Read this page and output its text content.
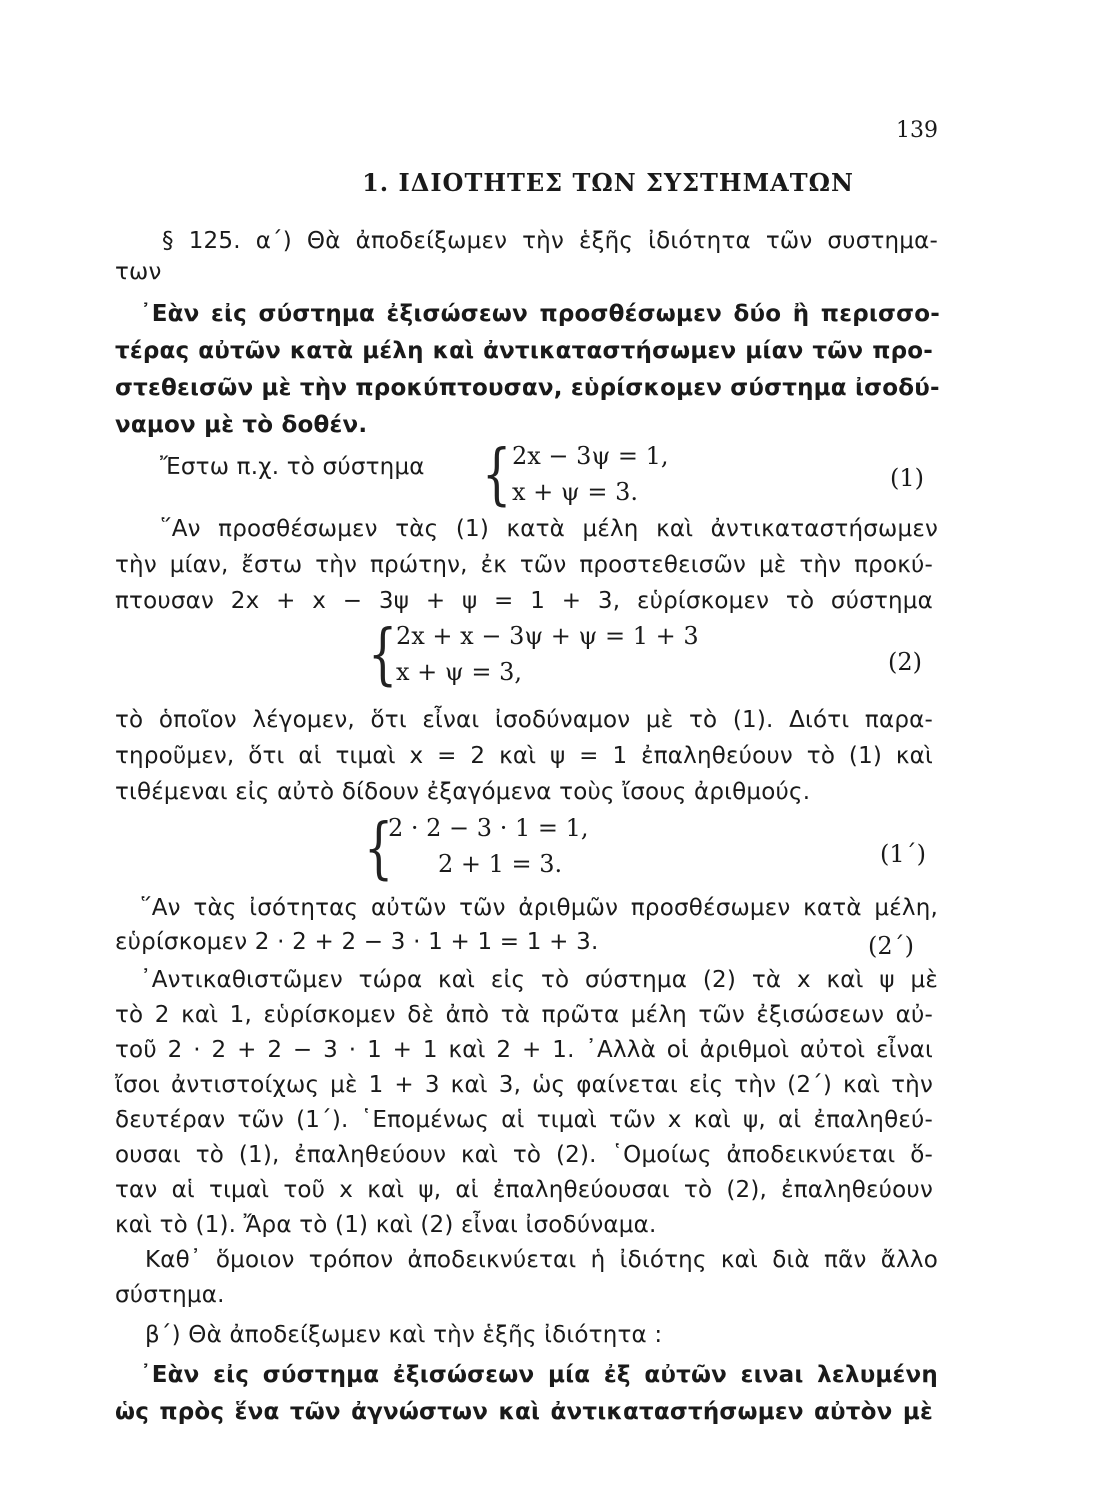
139
1. ΙΔΙΟΤΗΤΕΣ ΤΩΝ ΣΥΣΤΗΜΑΤΩΝ
§ 125. α΄) Θὰ ἀποδείξωμεν τὴν ἑξῆς ἰδιότητα τῶν συστημα-
των
᾿Εὰν εἰς σύστημα ἐξισώσεων προσθέσωμεν δύο ἢ περισσο-
τέρας αὐτῶν κατὰ μέλη καὶ ἀντικαταστήσωμεν μίαν τῶν προ-
στεθεισῶν μὲ τὴν προκύπτουσαν, εὑρίσκομεν σύστημα ἰσοδύ-
ναμον μὲ τὸ δοθέν.
Ἔστω π.χ. τὸ σύστημα	{ 2x − 3ψ = 1,
x + ψ = 3.	(1)
῞Αν προσθέσωμεν τὰς (1) κατὰ μέλη καὶ ἀντικαταστήσωμεν
τὴν μίαν, ἔστω τὴν πρώτην, ἐκ τῶν προστεθεισῶν μὲ τὴν προκύ-
πτουσαν 2x + x − 3ψ + ψ = 1 + 3, εὑρίσκομεν τὸ σύστημα
{
2x + x − 3ψ + ψ = 1 + 3
x + ψ = 3,	(2)
τὸ ὁποῖον λέγομεν, ὅτι εἶναι ἰσοδύναμον μὲ τὸ (1). Διότι παρα-
τηροῦμεν, ὅτι αἱ τιμαὶ x = 2 καὶ ψ = 1 ἐπαληθεύουν τὸ (1) καὶ
τιθέμεναι εἰς αὐτὸ δίδουν ἐξαγόμενα τοὺς ἴσους ἀριθμούς.
{
2 · 2 − 3 · 1 = 1,
2 + 1 = 3.	(1΄)
῞Αν τὰς ἰσότητας αὐτῶν τῶν ἀριθμῶν προσθέσωμεν κατὰ μέλη,
εὑρίσκομεν 2 · 2 + 2 − 3 · 1 + 1 = 1 + 3.	(2΄)
᾿Αντικαθιστῶμεν τώρα καὶ εἰς τὸ σύστημα (2) τὰ x καὶ ψ μὲ
τὸ 2 καὶ 1, εὑρίσκομεν δὲ ἀπὸ τὰ πρῶτα μέλη τῶν ἐξισώσεων αὐ-
τοῦ 2 · 2 + 2 − 3 · 1 + 1 καὶ 2 + 1. ᾿Αλλὰ οἱ ἀριθμοὶ αὐτοὶ εἶναι
ἴσοι ἀντιστοίχως μὲ 1 + 3 καὶ 3, ὡς φαίνεται εἰς τὴν (2΄) καὶ τὴν
δευτέραν τῶν (1΄). ῾Επομένως αἱ τιμαὶ τῶν x καὶ ψ, αἱ ἐπαληθεύ-
ουσαι τὸ (1), ἐπαληθεύουν καὶ τὸ (2). ῾Ομοίως ἀποδεικνύεται ὅ-
ταν αἱ τιμαὶ τοῦ x καὶ ψ, αἱ ἐπαληθεύουσαι τὸ (2), ἐπαληθεύουν
καὶ τὸ (1). Ἄρα τὸ (1) καὶ (2) εἶναι ἰσοδύναμα.
Καθ᾿ ὅμοιον τρόπον ἀποδεικνύεται ἡ ἰδιότης καὶ διὰ πᾶν ἄλλο
σύστημα.
β΄) Θὰ ἀποδείξωμεν καὶ τὴν ἑξῆς ἰδιότητα :
᾿Εὰν εἰς σύστημα ἐξισώσεων μία ἐξ αὐτῶν εινaι λελυμένη
ὡς πρὸς ἕνα τῶν ἀγνώστων καὶ ἀντικαταστήσωμεν αὐτὸν μὲ
